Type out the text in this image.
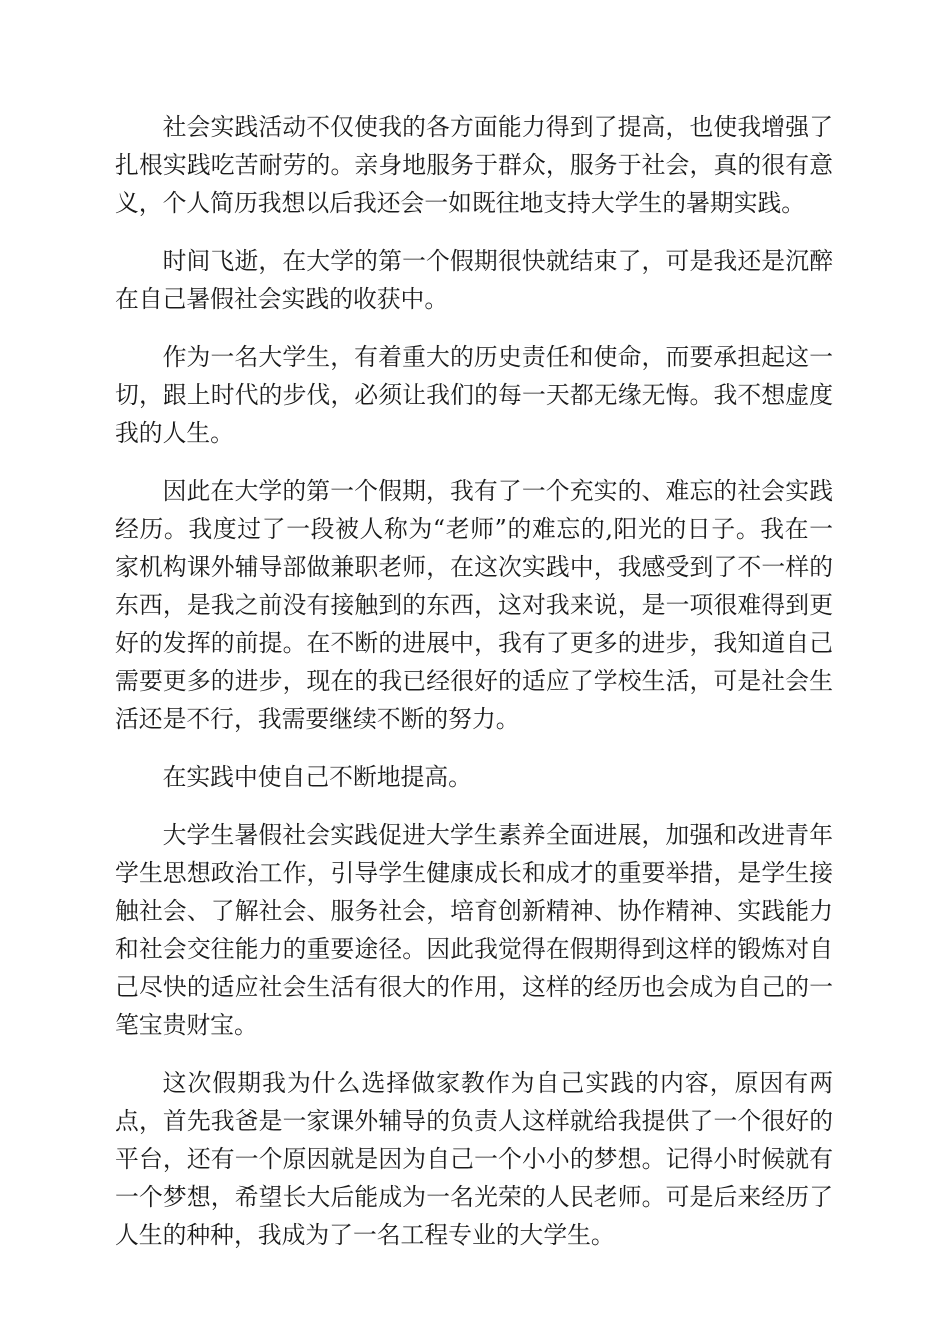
社会实践活动不仅使我的各方面能力得到了提高，也使我增强了扎根实践吃苦耐劳的。亲身地服务于群众，服务于社会，真的很有意义，个人简历我想以后我还会一如既往地支持大学生的暑期实践。

时间飞逝，在大学的第一个假期很快就结束了，可是我还是沉醉在自己暑假社会实践的收获中。

作为一名大学生，有着重大的历史责任和使命，而要承担起这一切，跟上时代的步伐，必须让我们的每一天都无缘无悔。我不想虚度我的人生。

因此在大学的第一个假期，我有了一个充实的、难忘的社会实践经历。我度过了一段被人称为“老师”的难忘的,阳光的日子。我在一家机构课外辅导部做兼职老师，在这次实践中，我感受到了不一样的东西，是我之前没有接触到的东西，这对我来说，是一项很难得到更好的发挥的前提。在不断的进展中，我有了更多的进步，我知道自己需要更多的进步，现在的我已经很好的适应了学校生活，可是社会生活还是不行，我需要继续不断的努力。

在实践中使自己不断地提高。

大学生暑假社会实践促进大学生素养全面进展，加强和改进青年学生思想政治工作，引导学生健康成长和成才的重要举措，是学生接触社会、了解社会、服务社会，培育创新精神、协作精神、实践能力和社会交往能力的重要途径。因此我觉得在假期得到这样的锻炼对自己尽快的适应社会生活有很大的作用，这样的经历也会成为自己的一笔宝贵财宝。

这次假期我为什么选择做家教作为自己实践的内容，原因有两点，首先我爸是一家课外辅导的负责人这样就给我提供了一个很好的平台，还有一个原因就是因为自己一个小小的梦想。记得小时候就有一个梦想，希望长大后能成为一名光荣的人民老师。可是后来经历了人生的种种，我成为了一名工程专业的大学生。
